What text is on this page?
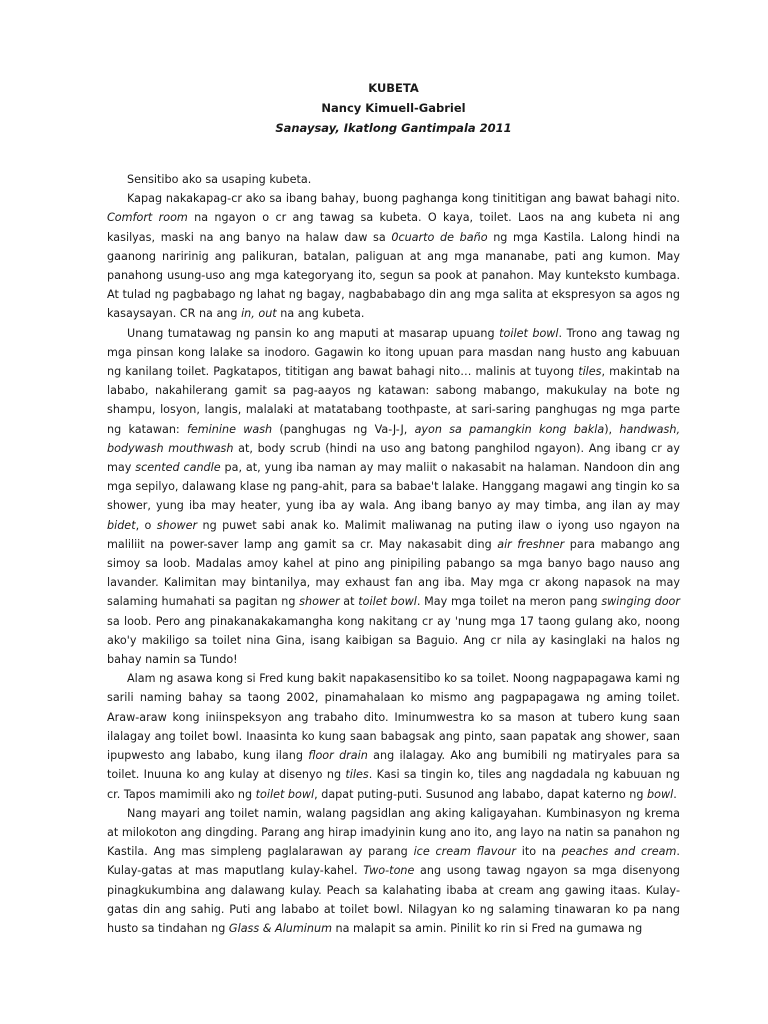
KUBETA
Nancy Kimuell-Gabriel
Sanaysay, Ikatlong Gantimpala 2011

Sensitibo ako sa usaping kubeta.

Kapag nakakapag-cr ako sa ibang bahay, buong paghanga kong tinititigan ang bawat bahagi nito. Comfort room na ngayon o cr ang tawag sa kubeta. O kaya, toilet. Laos na ang kubeta ni ang kasilyas, maski na ang banyo na halaw daw sa 0cuarto de baño ng mga Kastila. Lalong hindi na gaanong naririnig ang palikuran, batalan, paliguan at ang mga mananabe, pati ang kumon. May panahong usung-uso ang mga kategoryang ito, segun sa pook at panahon. May kunteksto kumbaga. At tulad ng pagbabago ng lahat ng bagay, nagbababago din ang mga salita at ekspresyon sa agos ng kasaysayan. CR na ang in, out na ang kubeta.

Unang tumatawag ng pansin ko ang maputi at masarap upuang toilet bowl. Trono ang tawag ng mga pinsan kong lalake sa inodoro. Gagawin ko itong upuan para masdan nang husto ang kabuuan ng kanilang toilet. Pagkatapos, tititigan ang bawat bahagi nito… malinis at tuyong tiles, makintab na lababo, nakahilerang gamit sa pag-aayos ng katawan: sabong mabango, makukulay na bote ng shampu, losyon, langis, malalaki at matatabang toothpaste, at sari-saring panghugas ng mga parte ng katawan: feminine wash (panghugas ng Va-J-J, ayon sa pamangkin kong bakla), handwash, bodywash mouthwash at, body scrub (hindi na uso ang batong panghilod ngayon). Ang ibang cr ay may scented candle pa, at, yung iba naman ay may maliit o nakasabit na halaman. Nandoon din ang mga sepilyo, dalawang klase ng pang-ahit, para sa babae't lalake. Hanggang magawi ang tingin ko sa shower, yung iba may heater, yung iba ay wala. Ang ibang banyo ay may timba, ang ilan ay may bidet, o shower ng puwet sabi anak ko. Malimit maliwanag na puting ilaw o iyong uso ngayon na maliliit na power-saver lamp ang gamit sa cr. May nakasabit ding air freshner para mabango ang simoy sa loob. Madalas amoy kahel at pino ang pinipiling pabango sa mga banyo bago nauso ang lavander. Kalimitan may bintanilya, may exhaust fan ang iba. May mga cr akong napasok na may salaming humahati sa pagitan ng shower at toilet bowl. May mga toilet na meron pang swinging door sa loob. Pero ang pinakanakakamangha kong nakitang cr ay 'nung mga 17 taong gulang ako, noong ako'y makiligo sa toilet nina Gina, isang kaibigan sa Baguio. Ang cr nila ay kasinglaki na halos ng bahay namin sa Tundo!

Alam ng asawa kong si Fred kung bakit napakasensitibo ko sa toilet. Noong nagpapagawa kami ng sarili naming bahay sa taong 2002, pinamahalaan ko mismo ang pagpapagawa ng aming toilet. Araw-araw kong iniinspeksyon ang trabaho dito. Iminumwestra ko sa mason at tubero kung saan ilalagay ang toilet bowl. Inaasinta ko kung saan babagsak ang pinto, saan papatak ang shower, saan ipupwesto ang lababo, kung ilang floor drain ang ilalagay. Ako ang bumibili ng matiryales para sa toilet. Inuuna ko ang kulay at disenyo ng tiles. Kasi sa tingin ko, tiles ang nagdadala ng kabuuan ng cr. Tapos mamimili ako ng toilet bowl, dapat puting-puti. Susunod ang lababo, dapat katerno ng bowl.

Nang mayari ang toilet namin, walang pagsidlan ang aking kaligayahan. Kumbinasyon ng krema at milokoton ang dingding. Parang ang hirap imadyinin kung ano ito, ang layo na natin sa panahon ng Kastila. Ang mas simpleng paglalarawan ay parang ice cream flavour ito na peaches and cream. Kulay-gatas at mas maputlang kulay-kahel. Two-tone ang usong tawag ngayon sa mga disenyong pinagkukumbina ang dalawang kulay. Peach sa kalahating ibaba at cream ang gawing itaas. Kulay-gatas din ang sahig. Puti ang lababo at toilet bowl. Nilagyan ko ng salaming tinawaran ko pa nang husto sa tindahan ng Glass & Aluminum na malapit sa amin. Pinilit ko rin si Fred na gumawa ng
